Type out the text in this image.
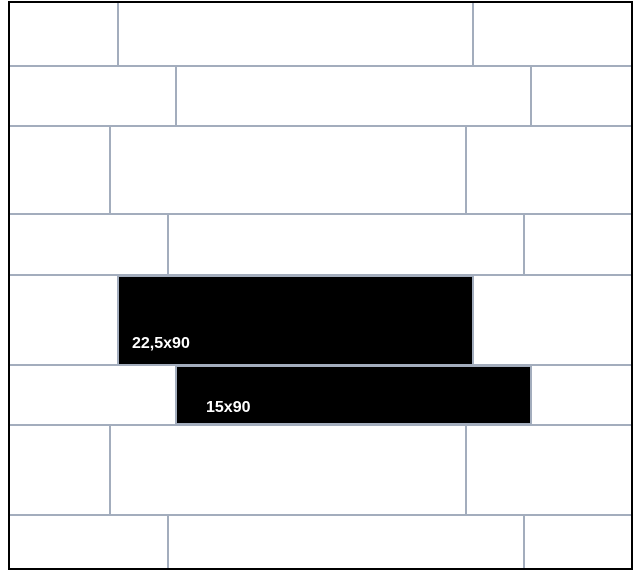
22,5x90
15x90
